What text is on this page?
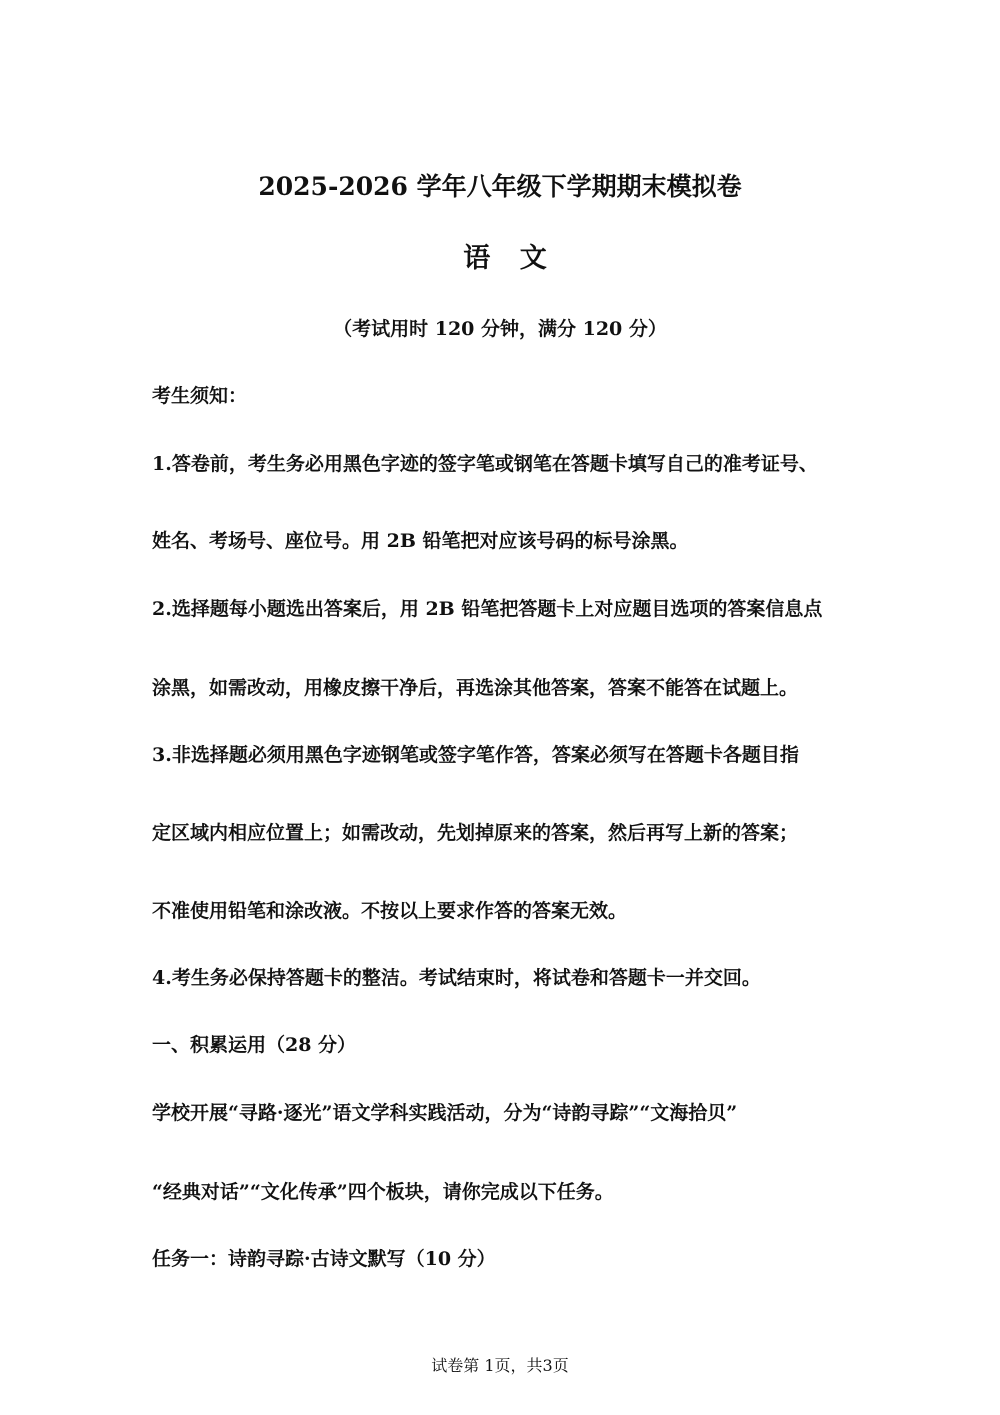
2025-2026 学年八年级下学期期末模拟卷
语 文
（考试用时 120 分钟，满分 120 分）
考生须知：
1.答卷前，考生务必用黑色字迹的签字笔或钢笔在答题卡填写自己的准考证号、
姓名、考场号、座位号。用 2B 铅笔把对应该号码的标号涂黑。
2.选择题每小题选出答案后，用 2B 铅笔把答题卡上对应题目选项的答案信息点
涂黑，如需改动，用橡皮擦干净后，再选涂其他答案，答案不能答在试题上。
3.非选择题必须用黑色字迹钢笔或签字笔作答，答案必须写在答题卡各题目指
定区域内相应位置上；如需改动，先划掉原来的答案，然后再写上新的答案；
不准使用铅笔和涂改液。不按以上要求作答的答案无效。
4.考生务必保持答题卡的整洁。考试结束时，将试卷和答题卡一并交回。
一、积累运用（28 分）
学校开展“寻路·逐光”语文学科实践活动，分为“诗韵寻踪”“文海拾贝”
“经典对话”“文化传承”四个板块，请你完成以下任务。
任务一：诗韵寻踪·古诗文默写（10 分）
试卷第 1页，共3页
